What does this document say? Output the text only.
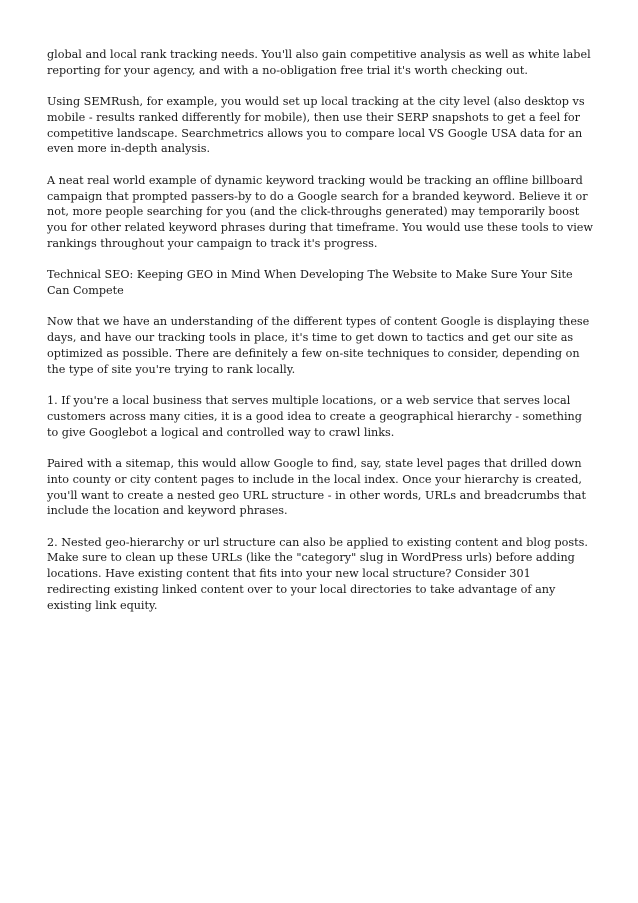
global and local rank tracking needs. You'll also gain competitive analysis as well as white label reporting for your agency, and with a no-obligation free trial it's worth checking out.

Using SEMRush, for example, you would set up local tracking at the city level (also desktop vs mobile - results ranked differently for mobile), then use their SERP snapshots to get a feel for competitive landscape. Searchmetrics allows you to compare local VS Google USA data for an even more in-depth analysis.

A neat real world example of dynamic keyword tracking would be tracking an offline billboard campaign that prompted passers-by to do a Google search for a branded keyword. Believe it or not, more people searching for you (and the click-throughs generated) may temporarily boost you for other related keyword phrases during that timeframe. You would use these tools to view rankings throughout your campaign to track it's progress.

Technical SEO: Keeping GEO in Mind When Developing The Website to Make Sure Your Site Can Compete

Now that we have an understanding of the different types of content Google is displaying these days, and have our tracking tools in place, it's time to get down to tactics and get our site as optimized as possible. There are definitely a few on-site techniques to consider, depending on the type of site you're trying to rank locally.

1. If you're a local business that serves multiple locations, or a web service that serves local customers across many cities, it is a good idea to create a geographical hierarchy - something to give Googlebot a logical and controlled way to crawl links.

Paired with a sitemap, this would allow Google to find, say, state level pages that drilled down into county or city content pages to include in the local index. Once your hierarchy is created, you'll want to create a nested geo URL structure - in other words, URLs and breadcrumbs that include the location and keyword phrases.

2. Nested geo-hierarchy or url structure can also be applied to existing content and blog posts. Make sure to clean up these URLs (like the "category" slug in WordPress urls) before adding locations. Have existing content that fits into your new local structure? Consider 301 redirecting existing linked content over to your local directories to take advantage of any existing link equity.
